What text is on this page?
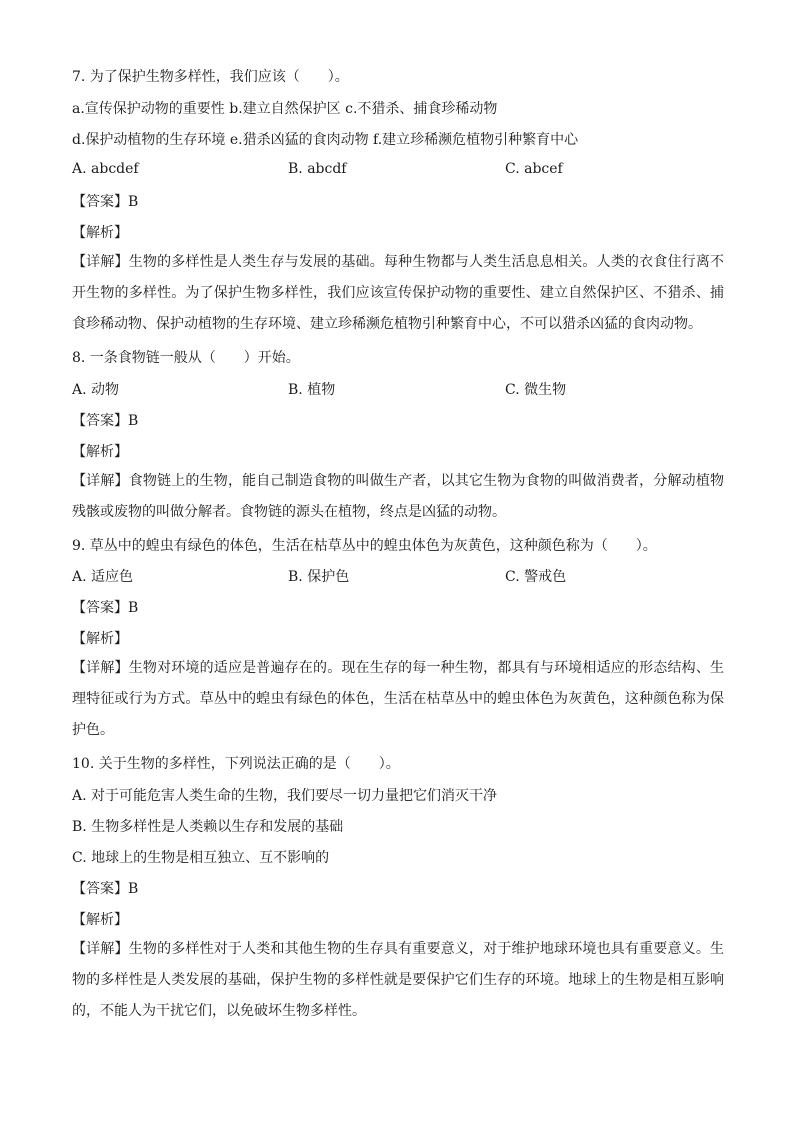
7. 为了保护生物多样性，我们应该（　　）。
a.宣传保护动物的重要性 b.建立自然保护区 c.不猎杀、捕食珍稀动物
d.保护动植物的生存环境 e.猎杀凶猛的食肉动物 f.建立珍稀濒危植物引种繁育中心
A. abcdef	B. abcdf	C. abcef
【答案】B
【解析】
【详解】生物的多样性是人类生存与发展的基础。每种生物都与人类生活息息相关。人类的衣食住行离不开生物的多样性。为了保护生物多样性，我们应该宣传保护动物的重要性、建立自然保护区、不猎杀、捕食珍稀动物、保护动植物的生存环境、建立珍稀濒危植物引种繁育中心，不可以猎杀凶猛的食肉动物。
8. 一条食物链一般从（　　）开始。
A. 动物	B. 植物	C. 微生物
【答案】B
【解析】
【详解】食物链上的生物，能自己制造食物的叫做生产者，以其它生物为食物的叫做消费者，分解动植物残骸或废物的叫做分解者。食物链的源头在植物，终点是凶猛的动物。
9. 草丛中的蝗虫有绿色的体色，生活在枯草丛中的蝗虫体色为灰黄色，这种颜色称为（　　）。
A. 适应色	B. 保护色	C. 警戒色
【答案】B
【解析】
【详解】生物对环境的适应是普遍存在的。现在生存的每一种生物，都具有与环境相适应的形态结构、生理特征或行为方式。草丛中的蝗虫有绿色的体色，生活在枯草丛中的蝗虫体色为灰黄色，这种颜色称为保护色。
10. 关于生物的多样性，下列说法正确的是（　　）。
A. 对于可能危害人类生命的生物，我们要尽一切力量把它们消灭干净
B. 生物多样性是人类赖以生存和发展的基础
C. 地球上的生物是相互独立、互不影响的
【答案】B
【解析】
【详解】生物的多样性对于人类和其他生物的生存具有重要意义，对于维护地球环境也具有重要意义。生物的多样性是人类发展的基础，保护生物的多样性就是要保护它们生存的环境。地球上的生物是相互影响的，不能人为干扰它们，以免破坏生物多样性。
